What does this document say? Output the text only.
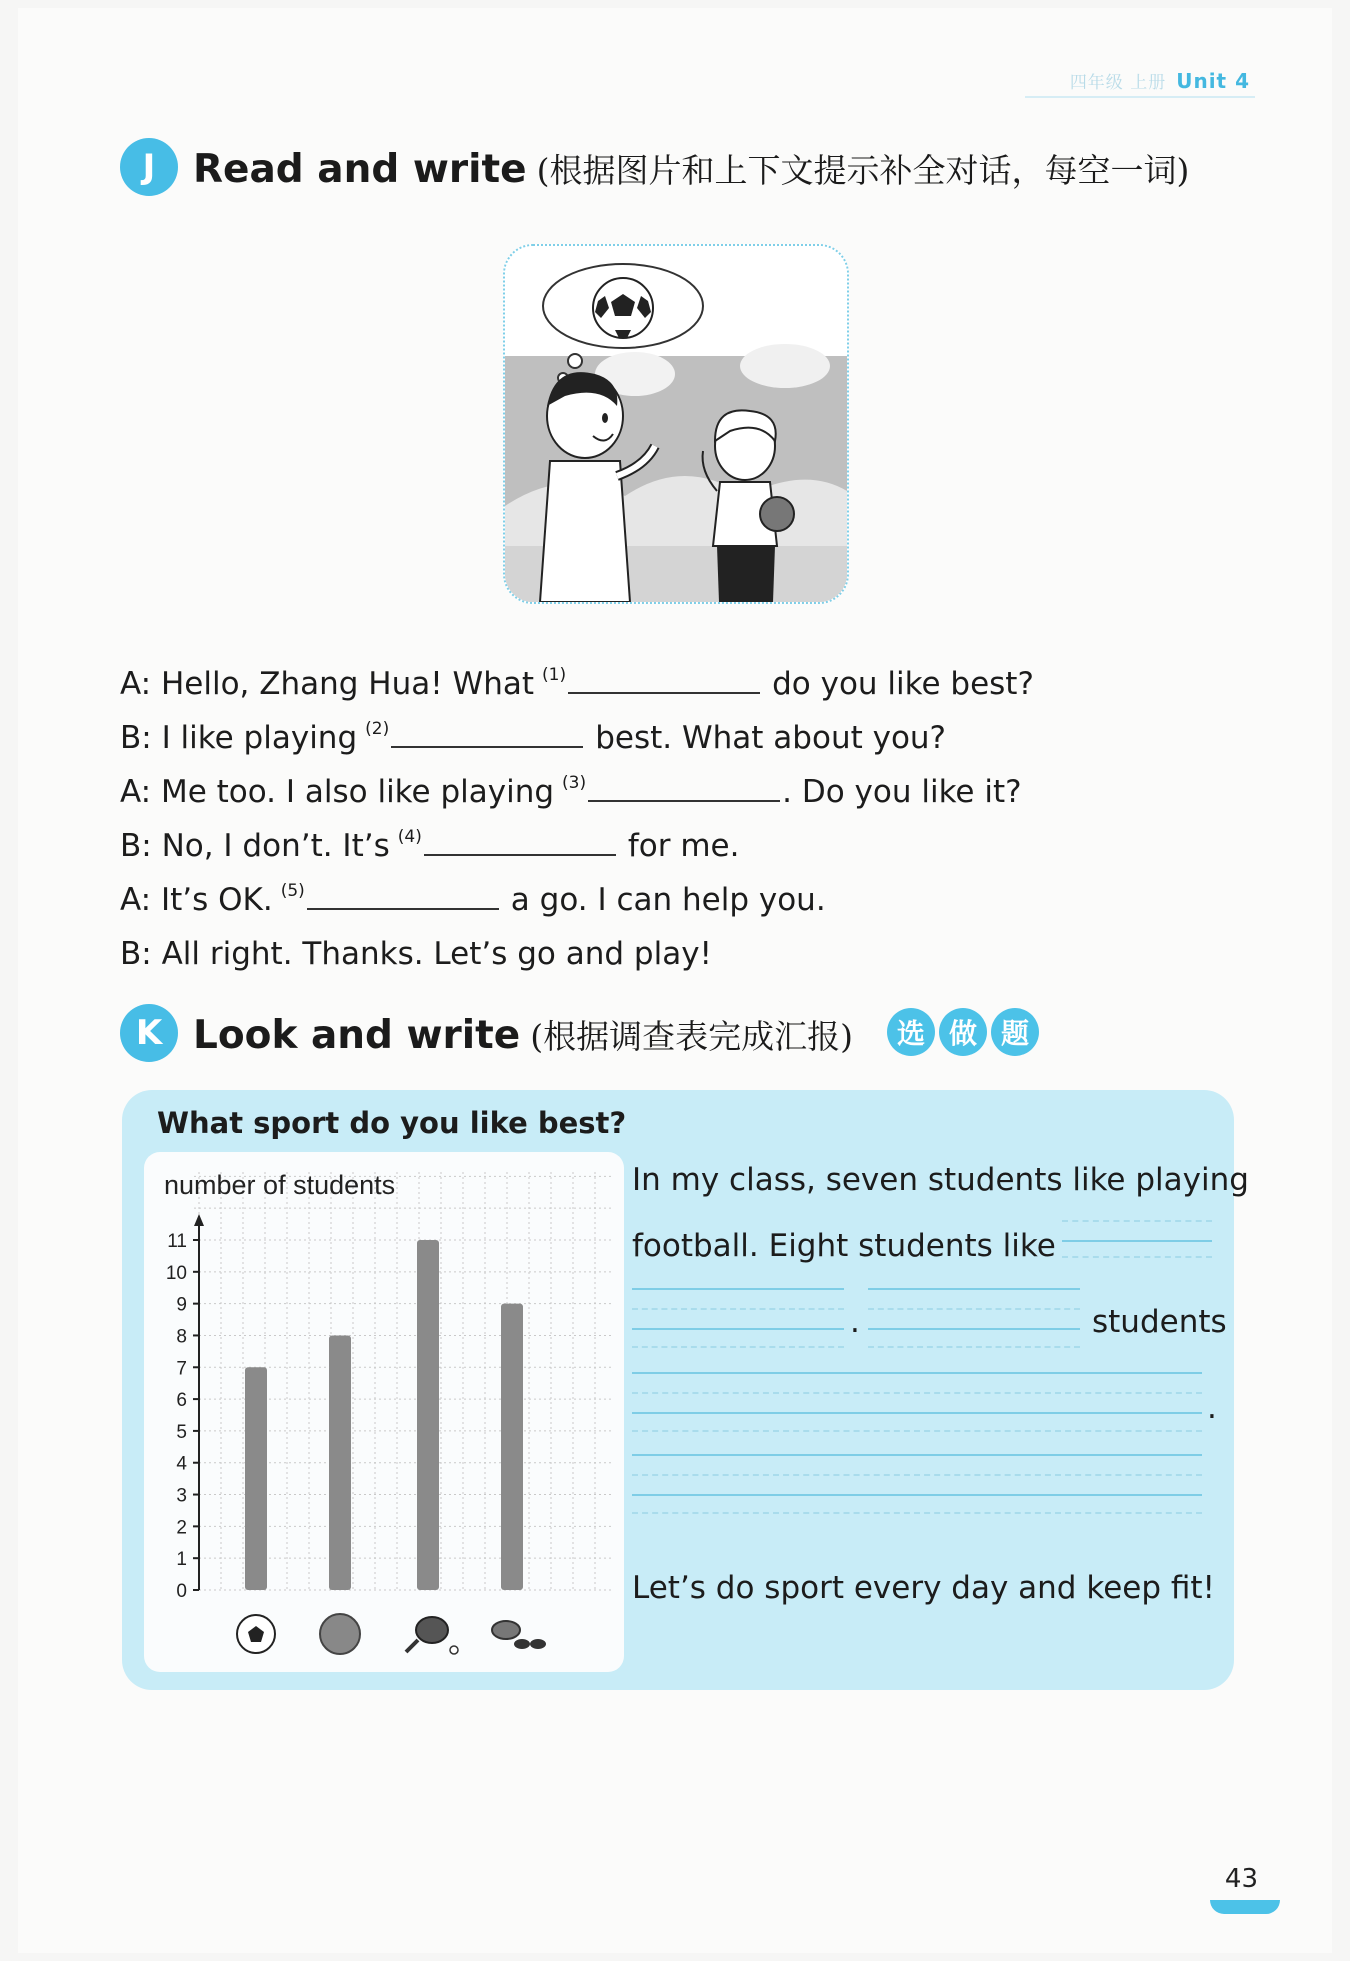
四年级 上册 Unit 4
J Read and write (根据图片和上下文提示补全对话，每空一词)
A: Hello, Zhang Hua! What (1)	do you like best?
B: I like playing (2)	best. What about you?
A: Me too. I also like playing (3)	. Do you like it?
B: No, I don’t. It’s (4)	for me.
A: It’s OK. (5)	a go. I can help you.
B: All right. Thanks. Let’s go and play!
K Look and write (根据调查表完成汇报)	选 做 题
What sport do you like best?
number of students
0
1
2
3
4
5
6
7
8
9
10
11
In my class, seven students like playing
football. Eight students like
.	students
.
Let’s do sport every day and keep fit!
43
